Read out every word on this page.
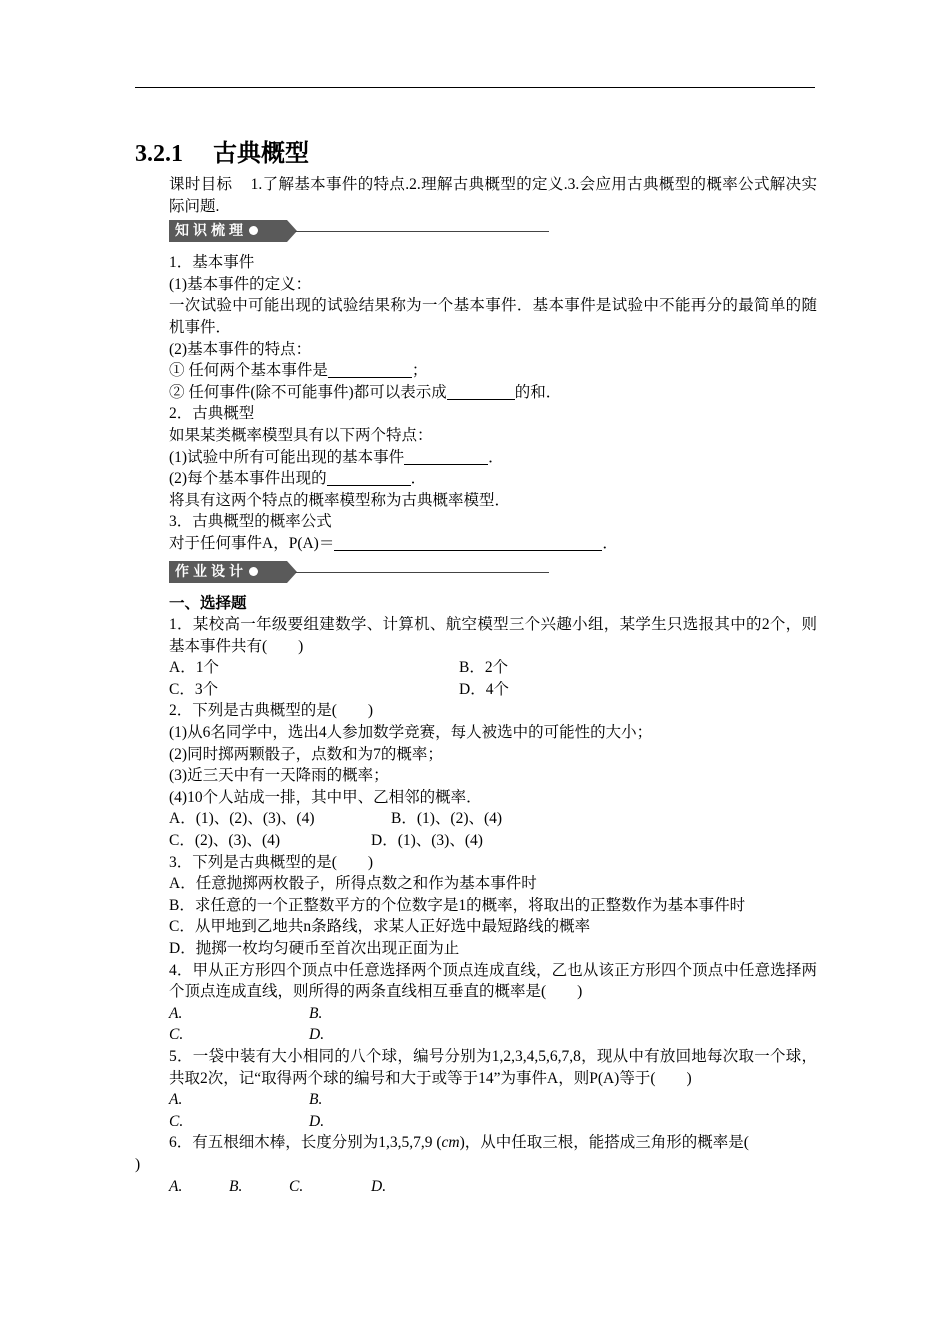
3.2.1 古典概型
课时目标 1.了解基本事件的特点.2.理解古典概型的定义.3.会应用古典概型的概率公式解决实际问题.
知识梳理
1．基本事件
(1)基本事件的定义：
一次试验中可能出现的试验结果称为一个基本事件．基本事件是试验中不能再分的最简单的随机事件．
(2)基本事件的特点：
① 任何两个基本事件是	；
② 任何事件(除不可能事件)都可以表示成	的和．
2．古典概型
如果某类概率模型具有以下两个特点：
(1)试验中所有可能出现的基本事件	．
(2)每个基本事件出现的	．
将具有这两个特点的概率模型称为古典概率模型．
3．古典概型的概率公式
对于任何事件A，P(A)＝	．
作业设计
一、选择题
1．某校高一年级要组建数学、计算机、航空模型三个兴趣小组，某学生只选报其中的2个，则基本事件共有(　　)
A．1个	B．2个
C．3个	D．4个
2．下列是古典概型的是(　　)
(1)从6名同学中，选出4人参加数学竞赛，每人被选中的可能性的大小；
(2)同时掷两颗骰子，点数和为7的概率；
(3)近三天中有一天降雨的概率；
(4)10个人站成一排，其中甲、乙相邻的概率．
A．(1)、(2)、(3)、(4)	B．(1)、(2)、(4)
C．(2)、(3)、(4)	D．(1)、(3)、(4)
3．下列是古典概型的是(　　)
A．任意抛掷两枚骰子，所得点数之和作为基本事件时
B．求任意的一个正整数平方的个位数字是1的概率，将取出的正整数作为基本事件时
C．从甲地到乙地共n条路线，求某人正好选中最短路线的概率
D．抛掷一枚均匀硬币至首次出现正面为止
4．甲从正方形四个顶点中任意选择两个顶点连成直线，乙也从该正方形四个顶点中任意选择两个顶点连成直线，则所得的两条直线相互垂直的概率是(　　)
A.	B.
C.	D.
5．一袋中装有大小相同的八个球，编号分别为1,2,3,4,5,6,7,8，现从中有放回地每次取一个球，共取2次，记“取得两个球的编号和大于或等于14”为事件A，则P(A)等于(　　)
A.	B.
C.	D.
6．有五根细木棒，长度分别为1,3,5,7,9 (cm)，从中任取三根，能搭成三角形的概率是(
)
A.	B.	C.	D.
